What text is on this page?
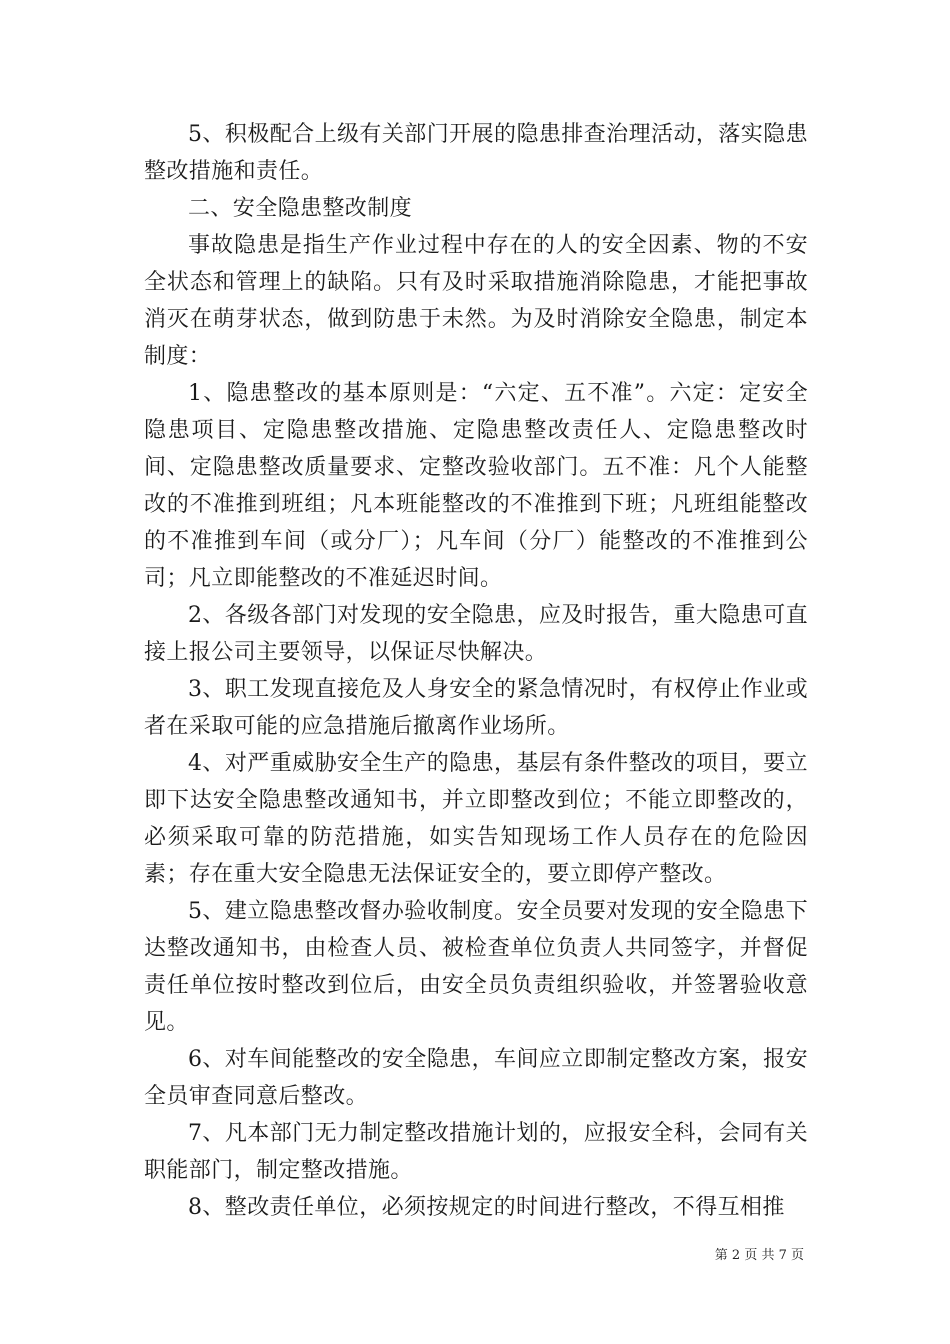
5、积极配合上级有关部门开展的隐患排查治理活动，落实隐患整改措施和责任。

二、安全隐患整改制度

事故隐患是指生产作业过程中存在的人的安全因素、物的不安全状态和管理上的缺陷。只有及时采取措施消除隐患，才能把事故消灭在萌芽状态，做到防患于未然。为及时消除安全隐患，制定本制度：

1、隐患整改的基本原则是：“六定、五不准”。六定：定安全隐患项目、定隐患整改措施、定隐患整改责任人、定隐患整改时间、定隐患整改质量要求、定整改验收部门。五不准：凡个人能整改的不准推到班组；凡本班能整改的不准推到下班；凡班组能整改的不准推到车间（或分厂）；凡车间（分厂）能整改的不准推到公司；凡立即能整改的不准延迟时间。

2、各级各部门对发现的安全隐患，应及时报告，重大隐患可直接上报公司主要领导，以保证尽快解决。

3、职工发现直接危及人身安全的紧急情况时，有权停止作业或者在采取可能的应急措施后撤离作业场所。

4、对严重威胁安全生产的隐患，基层有条件整改的项目，要立即下达安全隐患整改通知书，并立即整改到位；不能立即整改的，必须采取可靠的防范措施，如实告知现场工作人员存在的危险因素；存在重大安全隐患无法保证安全的，要立即停产整改。

5、建立隐患整改督办验收制度。安全员要对发现的安全隐患下达整改通知书，由检查人员、被检查单位负责人共同签字，并督促责任单位按时整改到位后，由安全员负责组织验收，并签署验收意见。

6、对车间能整改的安全隐患，车间应立即制定整改方案，报安全员审查同意后整改。

7、凡本部门无力制定整改措施计划的，应报安全科，会同有关职能部门，制定整改措施。

8、整改责任单位，必须按规定的时间进行整改，不得互相推

第 2 页 共 7 页
